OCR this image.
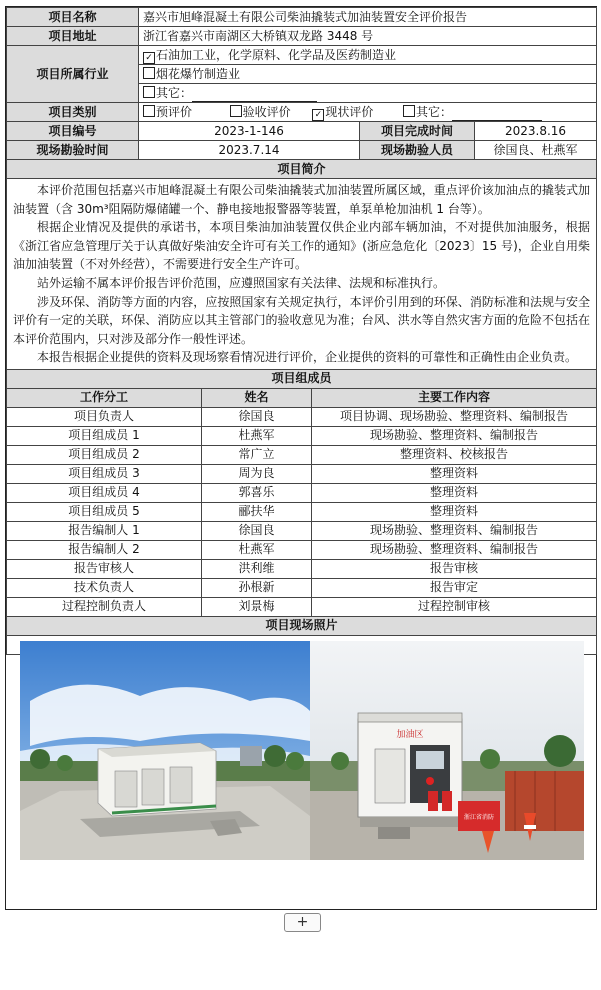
项目名称	嘉兴市旭峰混凝土有限公司柴油撬装式加油装置安全评价报告		
项目地址	浙江省嘉兴市南湖区大桥镇双龙路 3448 号		
项目所属行业	✓ 石油加工业，化学原料、化学品及医药制造业		
	烟花爆竹制造业		
	其它：		
项目类别	预评价 验收评价 ✓ 现状评价 其它：		
项目编号	2023-1-146	项目完成时间	2023.8.16
现场勘验时间	2023.7.14	现场勘验人员	徐国良、杜燕军
项目简介			

本评价范围包括嘉兴市旭峰混凝土有限公司柴油撬装式加油装置所属区域，重点评价该加油点的撬装式加油装置（含 30m³阻隔防爆储罐一个、静电接地报警器等装置，单泵单枪加油机 1 台等）。

根据企业情况及提供的承诺书，本项目柴油加油装置仅供企业内部车辆加油，不对提供加油服务，根据《浙江省应急管理厅关于认真做好柴油安全许可有关工作的通知》(浙应急危化〔2023〕15 号)，企业自用柴油加油装置（不对外经营），不需要进行安全生产许可。

站外运输不属本评价报告评价范围，应遵照国家有关法律、法规和标准执行。

涉及环保、消防等方面的内容，应按照国家有关规定执行，本评价引用到的环保、消防标准和法规与安全评价有一定的关联，环保、消防应以其主管部门的验收意见为准；台风、洪水等自然灾害方面的危险不包括在本评价范围内，只对涉及部分作一般性评述。

本报告根据企业提供的资料及现场察看情况进行评价，企业提供的资料的可靠性和正确性由企业负责。			

项目组成员			
工作分工	姓名	主要工作内容
项目负责人	徐国良	项目协调、现场勘验、整理资料、编制报告
项目组成员 1	杜燕军	现场勘验、整理资料、编制报告
项目组成员 2	常广立	整理资料、校核报告
项目组成员 3	周为良	整理资料
项目组成员 4	郭喜乐	整理资料
项目组成员 5	郦扶华	整理资料
报告编制人 1	徐国良	现场勘验、整理资料、编制报告
报告编制人 2	杜燕军	现场勘验、整理资料、编制报告
报告审核人	洪利维	报告审核
技术负责人	孙根新	报告审定
过程控制负责人	刘景梅	过程控制审核
项目现场照片		

加油区
浙江省消防		
+
